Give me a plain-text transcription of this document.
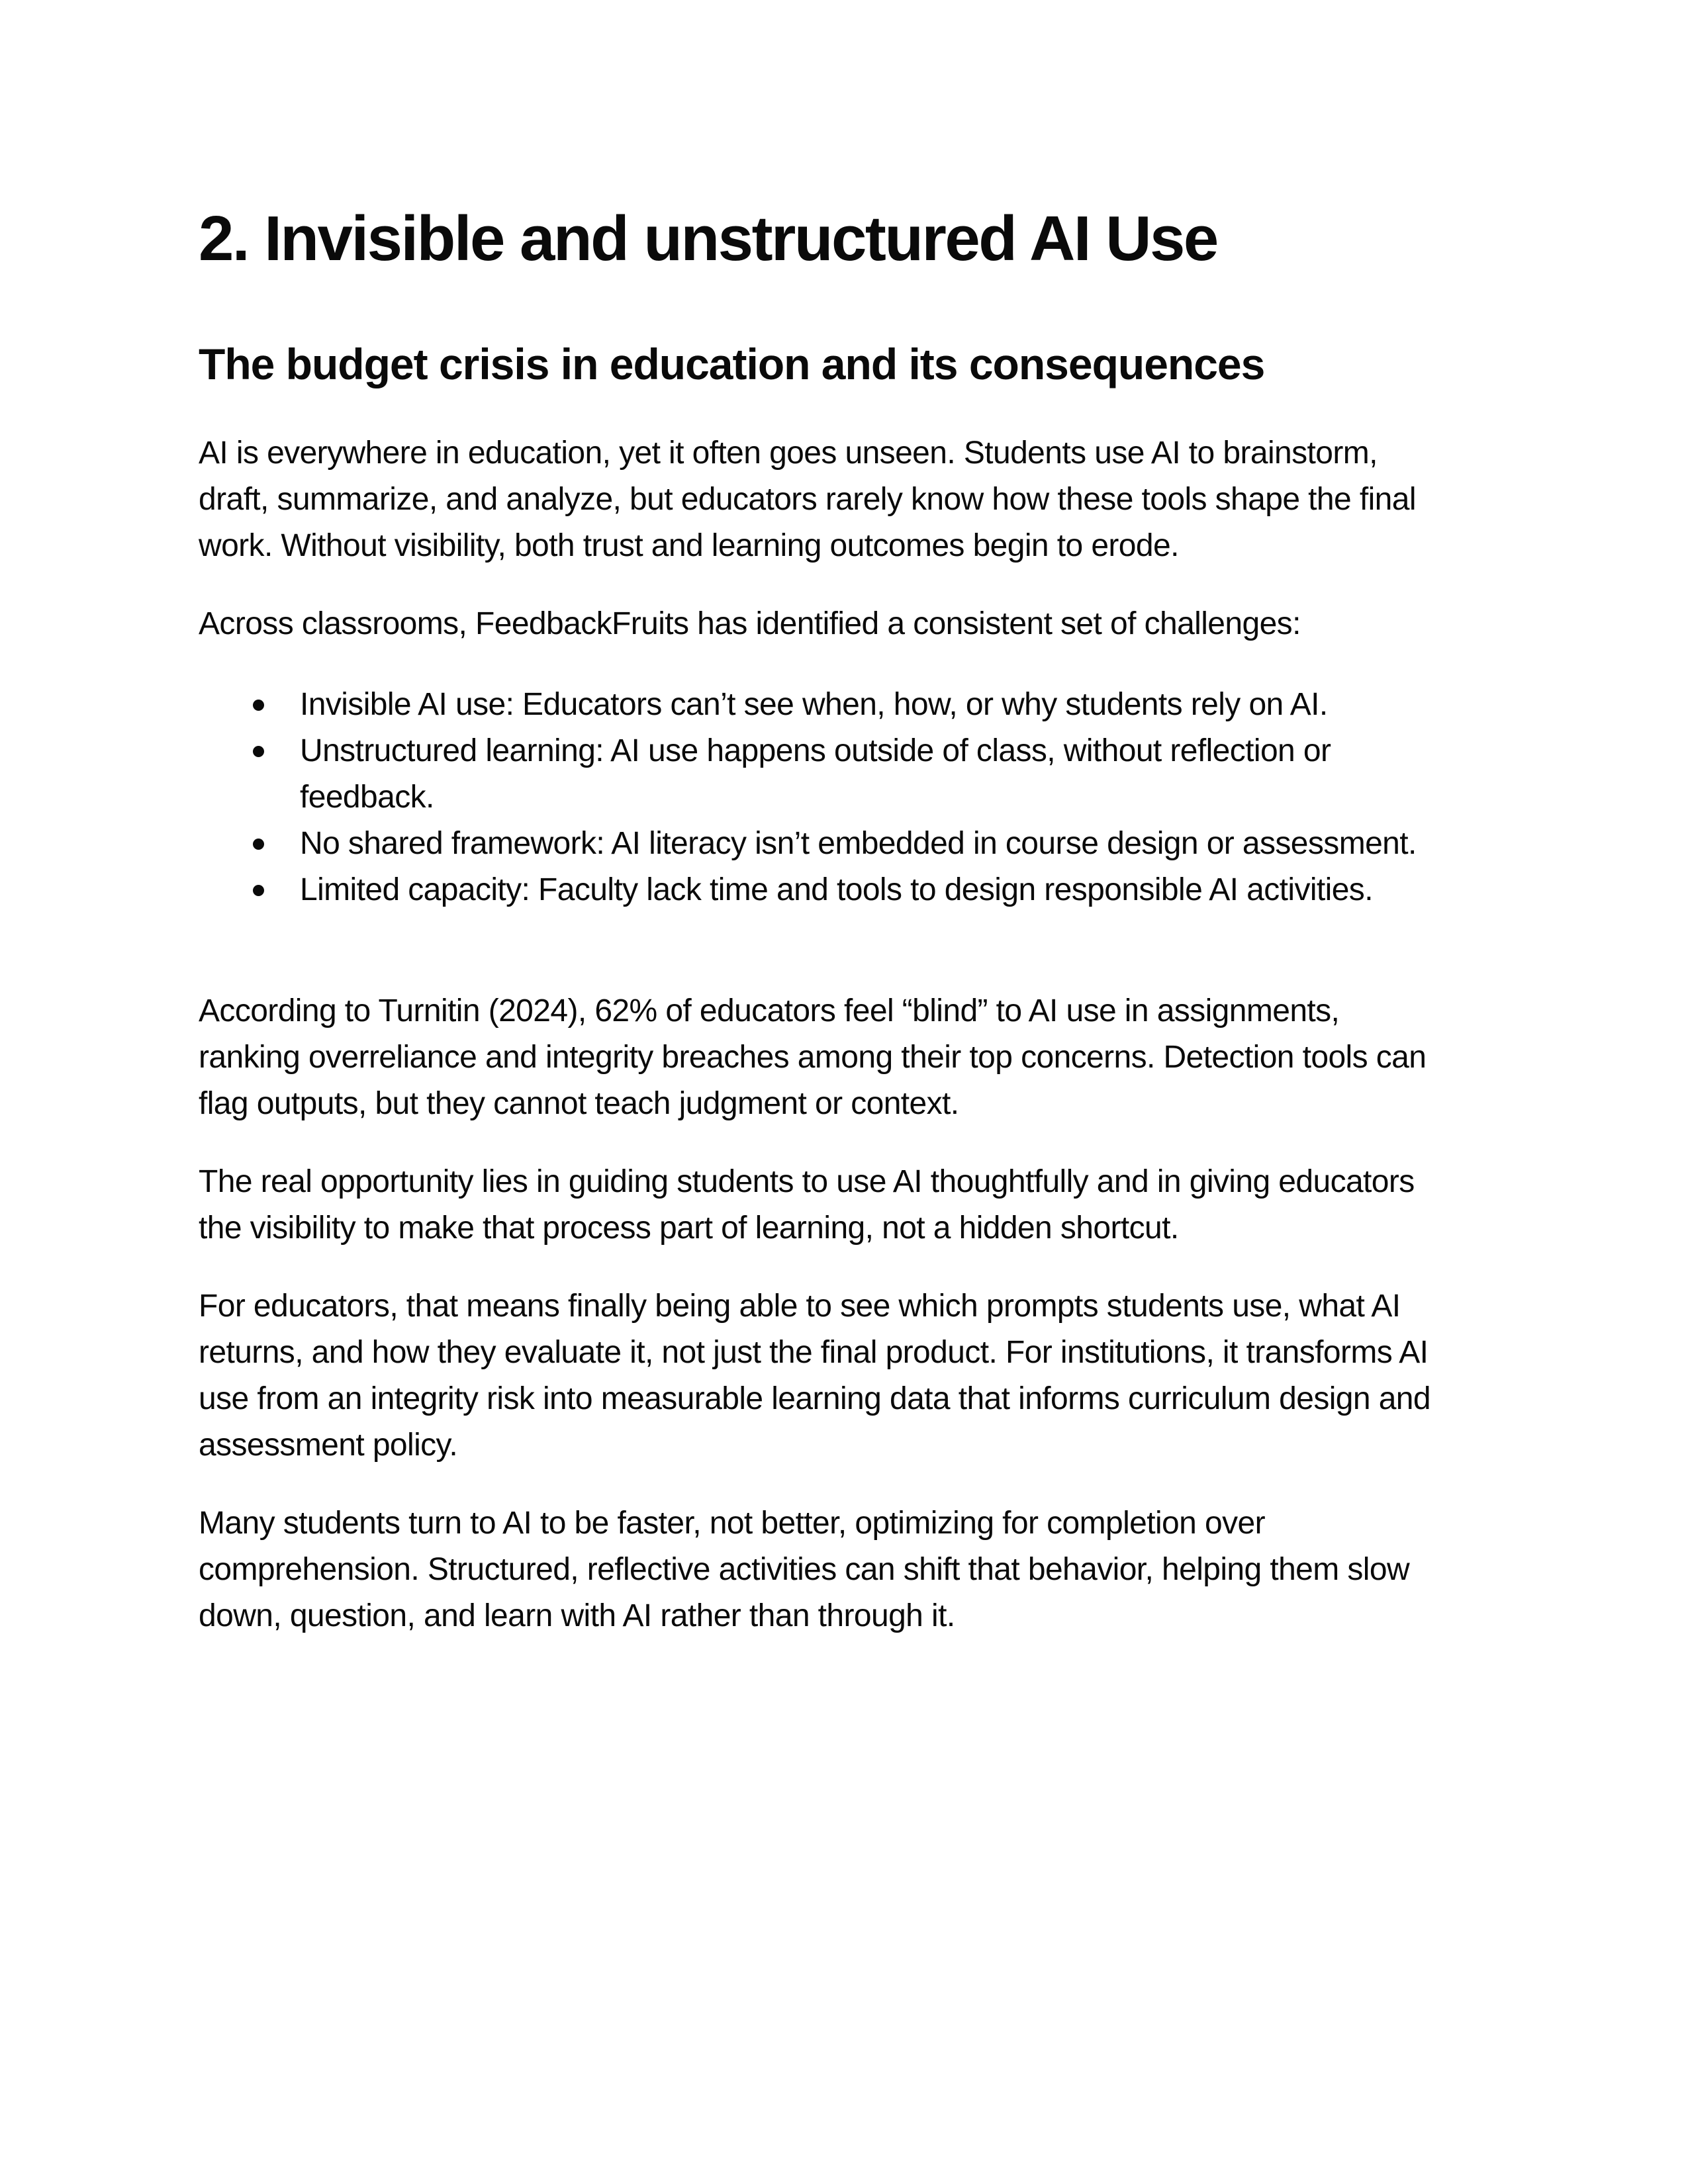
2. Invisible and unstructured AI Use
The budget crisis in education and its consequences
AI is everywhere in education, yet it often goes unseen. Students use AI to brainstorm,
draft, summarize, and analyze, but educators rarely know how these tools shape the final
work. Without visibility, both trust and learning outcomes begin to erode.
Across classrooms, FeedbackFruits has identified a consistent set of challenges:
Invisible AI use: Educators can’t see when, how, or why students rely on AI.
Unstructured learning: AI use happens outside of class, without reflection or
feedback.
No shared framework: AI literacy isn’t embedded in course design or assessment.
Limited capacity: Faculty lack time and tools to design responsible AI activities.
According to Turnitin (2024), 62% of educators feel “blind” to AI use in assignments,
ranking overreliance and integrity breaches among their top concerns. Detection tools can
flag outputs, but they cannot teach judgment or context.
The real opportunity lies in guiding students to use AI thoughtfully and in giving educators
the visibility to make that process part of learning, not a hidden shortcut.
For educators, that means finally being able to see which prompts students use, what AI
returns, and how they evaluate it, not just the final product. For institutions, it transforms AI
use from an integrity risk into measurable learning data that informs curriculum design and
assessment policy.
Many students turn to AI to be faster, not better, optimizing for completion over
comprehension. Structured, reflective activities can shift that behavior, helping them slow
down, question, and learn with AI rather than through it.
